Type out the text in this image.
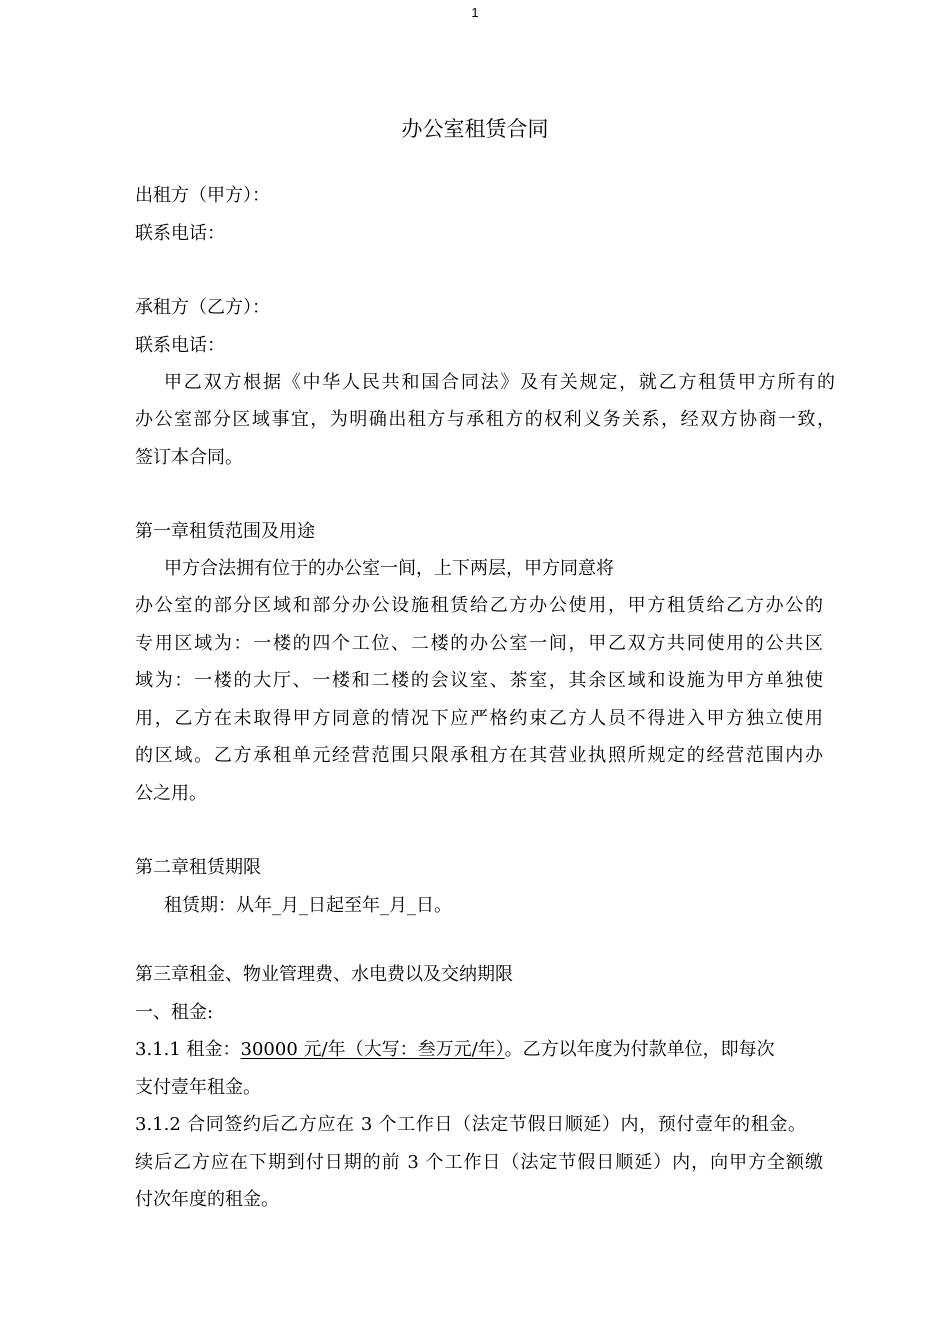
1
办公室租赁合同
出租方（甲方）：
联系电话：
承租方（乙方）：
联系电话：
甲乙双方根据《中华人民共和国合同法》及有关规定，就乙方租赁甲方所有的
办公室部分区域事宜，为明确出租方与承租方的权利义务关系，经双方协商一致，
签订本合同。
第一章租赁范围及用途
甲方合法拥有位于的办公室一间，上下两层，甲方同意将
办公室的部分区域和部分办公设施租赁给乙方办公使用，甲方租赁给乙方办公的
专用区域为：一楼的四个工位、二楼的办公室一间，甲乙双方共同使用的公共区
域为：一楼的大厅、一楼和二楼的会议室、茶室，其余区域和设施为甲方单独使
用，乙方在未取得甲方同意的情况下应严格约束乙方人员不得进入甲方独立使用
的区域。乙方承租单元经营范围只限承租方在其营业执照所规定的经营范围内办
公之用。
第二章租赁期限
租赁期：从年_月_日起至年_月_日。
第三章租金、物业管理费、水电费以及交纳期限
一、租金:
3.1.1 租金：30000 元/年（大写：叁万元/年）。乙方以年度为付款单位，即每次
支付壹年租金。
3.1.2 合同签约后乙方应在 3 个工作日（法定节假日顺延）内，预付壹年的租金。
续后乙方应在下期到付日期的前 3 个工作日（法定节假日顺延）内，向甲方全额缴
付次年度的租金。
